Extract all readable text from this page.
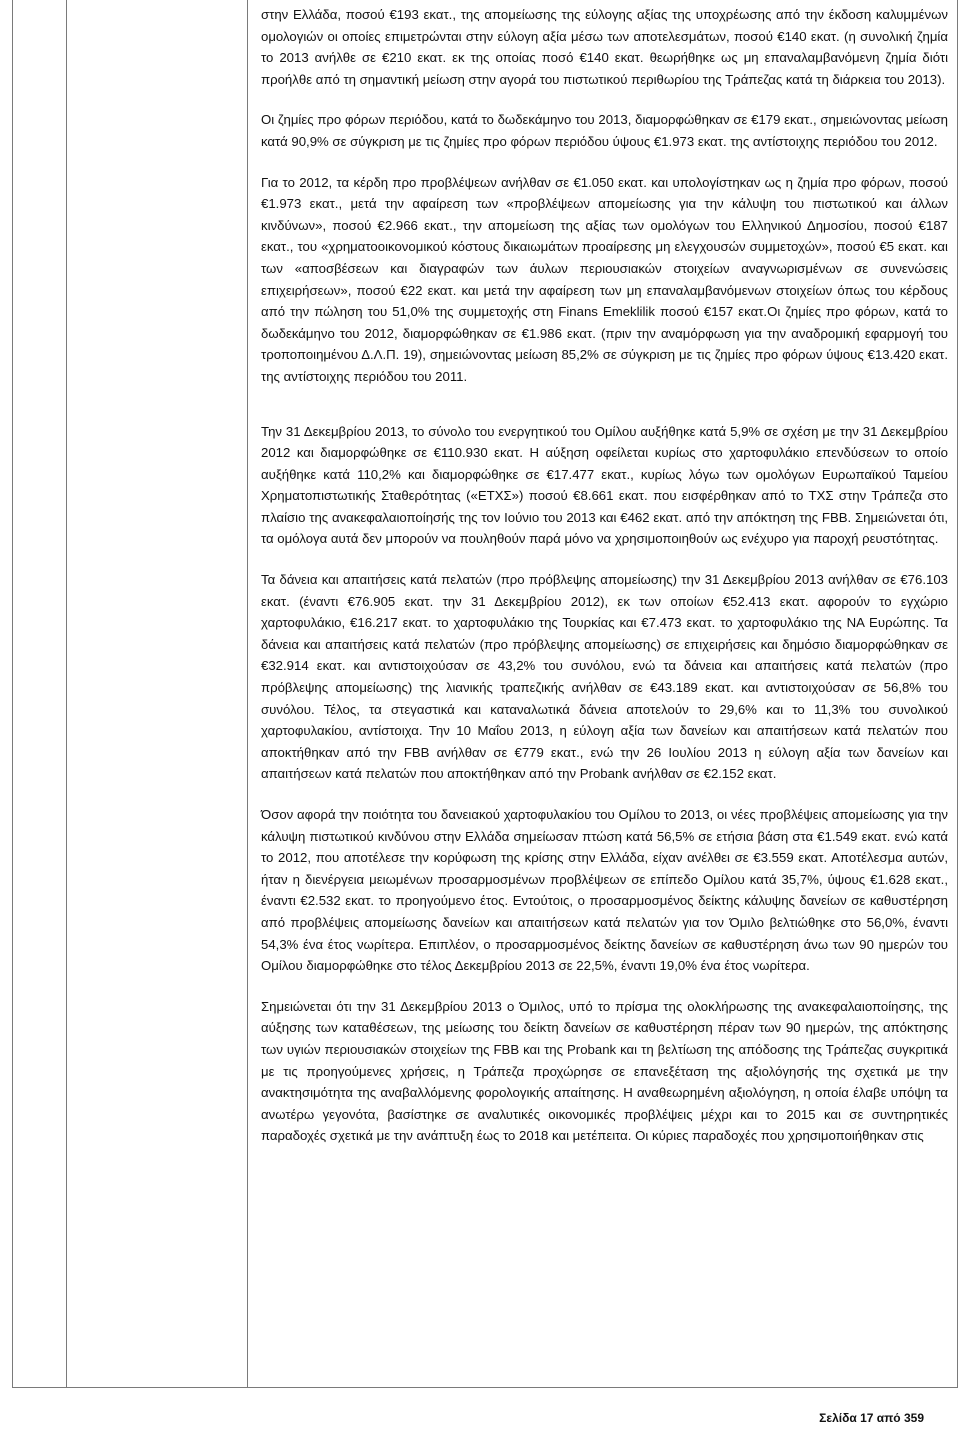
στην Ελλάδα, ποσού €193 εκατ., της απομείωσης της εύλογης αξίας της υποχρέωσης από την έκδοση καλυμμένων ομολογιών οι οποίες επιμετρώνται στην εύλογη αξία μέσω των αποτελεσμάτων, ποσού €140 εκατ. (η συνολική ζημία το 2013 ανήλθε σε €210 εκατ. εκ της οποίας ποσό €140 εκατ. θεωρήθηκε ως μη επαναλαμβανόμενη ζημία διότι προήλθε από τη σημαντική μείωση στην αγορά του πιστωτικού περιθωρίου της Τράπεζας κατά τη διάρκεια του 2013).

Οι ζημίες προ φόρων περιόδου, κατά το δωδεκάμηνο του 2013, διαμορφώθηκαν σε €179 εκατ., σημειώνοντας μείωση κατά 90,9% σε σύγκριση με τις ζημίες προ φόρων περιόδου ύψους €1.973 εκατ. της αντίστοιχης περιόδου του 2012.

Για το 2012, τα κέρδη προ προβλέψεων ανήλθαν σε €1.050 εκατ. και υπολογίστηκαν ως η ζημία προ φόρων, ποσού €1.973 εκατ., μετά την αφαίρεση των «προβλέψεων απομείωσης για την κάλυψη του πιστωτικού και άλλων κινδύνων», ποσού €2.966 εκατ., την απομείωση της αξίας των ομολόγων του Ελληνικού Δημοσίου, ποσού €187 εκατ., του «χρηματοοικονομικού κόστους δικαιωμάτων προαίρεσης μη ελεγχουσών συμμετοχών», ποσού €5 εκατ. και των «αποσβέσεων και διαγραφών των άυλων περιουσιακών στοιχείων αναγνωρισμένων σε συνενώσεις επιχειρήσεων», ποσού €22 εκατ. και μετά την αφαίρεση των μη επαναλαμβανόμενων στοιχείων όπως του κέρδους από την πώληση του 51,0% της συμμετοχής στη Finans Emeklilik ποσού €157 εκατ.Οι ζημίες προ φόρων, κατά το δωδεκάμηνο του 2012, διαμορφώθηκαν σε €1.986 εκατ. (πριν την αναμόρφωση για την αναδρομική εφαρμογή του τροποποιημένου Δ.Λ.Π. 19), σημειώνοντας μείωση 85,2% σε σύγκριση με τις ζημίες προ φόρων ύψους €13.420 εκατ. της αντίστοιχης περιόδου του 2011.

Την 31 Δεκεμβρίου 2013, το σύνολο του ενεργητικού του Ομίλου αυξήθηκε κατά 5,9% σε σχέση με την 31 Δεκεμβρίου 2012 και διαμορφώθηκε σε €110.930 εκατ. Η αύξηση οφείλεται κυρίως στο χαρτοφυλάκιο επενδύσεων το οποίο αυξήθηκε κατά 110,2% και διαμορφώθηκε σε €17.477 εκατ., κυρίως λόγω των ομολόγων Ευρωπαϊκού Ταμείου Χρηματοπιστωτικής Σταθερότητας («ΕΤΧΣ») ποσού €8.661 εκατ. που εισφέρθηκαν από το ΤΧΣ στην Τράπεζα στο πλαίσιο της ανακεφαλαιοποίησής της τον Ιούνιο του 2013 και €462 εκατ. από την απόκτηση της FBB. Σημειώνεται ότι, τα ομόλογα αυτά δεν μπορούν να πουληθούν παρά μόνο να χρησιμοποιηθούν ως ενέχυρο για παροχή ρευστότητας.

Τα δάνεια και απαιτήσεις κατά πελατών (προ πρόβλεψης απομείωσης) την 31 Δεκεμβρίου 2013 ανήλθαν σε €76.103 εκατ. (έναντι €76.905 εκατ. την 31 Δεκεμβρίου 2012), εκ των οποίων €52.413 εκατ. αφορούν το εγχώριο χαρτοφυλάκιο, €16.217 εκατ. το χαρτοφυλάκιο της Τουρκίας και €7.473 εκατ. το χαρτοφυλάκιο της ΝΑ Ευρώπης. Τα δάνεια και απαιτήσεις κατά πελατών (προ πρόβλεψης απομείωσης) σε επιχειρήσεις και δημόσιο διαμορφώθηκαν σε €32.914 εκατ. και αντιστοιχούσαν σε 43,2% του συνόλου, ενώ τα δάνεια και απαιτήσεις κατά πελατών (προ πρόβλεψης απομείωσης) της λιανικής τραπεζικής ανήλθαν σε €43.189 εκατ. και αντιστοιχούσαν σε 56,8% του συνόλου. Τέλος, τα στεγαστικά και καταναλωτικά δάνεια αποτελούν το 29,6% και το 11,3% του συνολικού χαρτοφυλακίου, αντίστοιχα. Την 10 Μαΐου 2013, η εύλογη αξία των δανείων και απαιτήσεων κατά πελατών που αποκτήθηκαν από την FBB ανήλθαν σε €779 εκατ., ενώ την 26 Ιουλίου 2013 η εύλογη αξία των δανείων και απαιτήσεων κατά πελατών που αποκτήθηκαν από την Probank ανήλθαν σε €2.152 εκατ.

Όσον αφορά την ποιότητα του δανειακού χαρτοφυλακίου του Ομίλου το 2013, οι νέες προβλέψεις απομείωσης για την κάλυψη πιστωτικού κινδύνου στην Ελλάδα σημείωσαν πτώση κατά 56,5% σε ετήσια βάση στα €1.549 εκατ. ενώ κατά το 2012, που αποτέλεσε την κορύφωση της κρίσης στην Ελλάδα, είχαν ανέλθει σε €3.559 εκατ. Αποτέλεσμα αυτών, ήταν η διενέργεια μειωμένων προσαρμοσμένων προβλέψεων σε επίπεδο Ομίλου κατά 35,7%, ύψους €1.628 εκατ., έναντι €2.532 εκατ. το προηγούμενο έτος. Εντούτοις, ο προσαρμοσμένος δείκτης κάλυψης δανείων σε καθυστέρηση από προβλέψεις απομείωσης δανείων και απαιτήσεων κατά πελατών για τον Όμιλο βελτιώθηκε στο 56,0%, έναντι 54,3% ένα έτος νωρίτερα. Επιπλέον, ο προσαρμοσμένος δείκτης δανείων σε καθυστέρηση άνω των 90 ημερών του Ομίλου διαμορφώθηκε στο τέλος Δεκεμβρίου 2013 σε 22,5%, έναντι 19,0% ένα έτος νωρίτερα.

Σημειώνεται ότι την 31 Δεκεμβρίου 2013 ο Όμιλος, υπό το πρίσμα της ολοκλήρωσης της ανακεφαλαιοποίησης, της αύξησης των καταθέσεων, της μείωσης του δείκτη δανείων σε καθυστέρηση πέραν των 90 ημερών, της απόκτησης των υγιών περιουσιακών στοιχείων της FBB και της Probank και τη βελτίωση της απόδοσης της Τράπεζας συγκριτικά με τις προηγούμενες χρήσεις, η Τράπεζα προχώρησε σε επανεξέταση της αξιολόγησής της σχετικά με την ανακτησιμότητα της αναβαλλόμενης φορολογικής απαίτησης. Η αναθεωρημένη αξιολόγηση, η οποία έλαβε υπόψη τα ανωτέρω γεγονότα, βασίστηκε σε αναλυτικές οικονομικές προβλέψεις μέχρι και το 2015 και σε συντηρητικές παραδοχές σχετικά με την ανάπτυξη έως το 2018 και μετέπειτα. Οι κύριες παραδοχές που χρησιμοποιήθηκαν στις

Σελίδα 17 από 359
